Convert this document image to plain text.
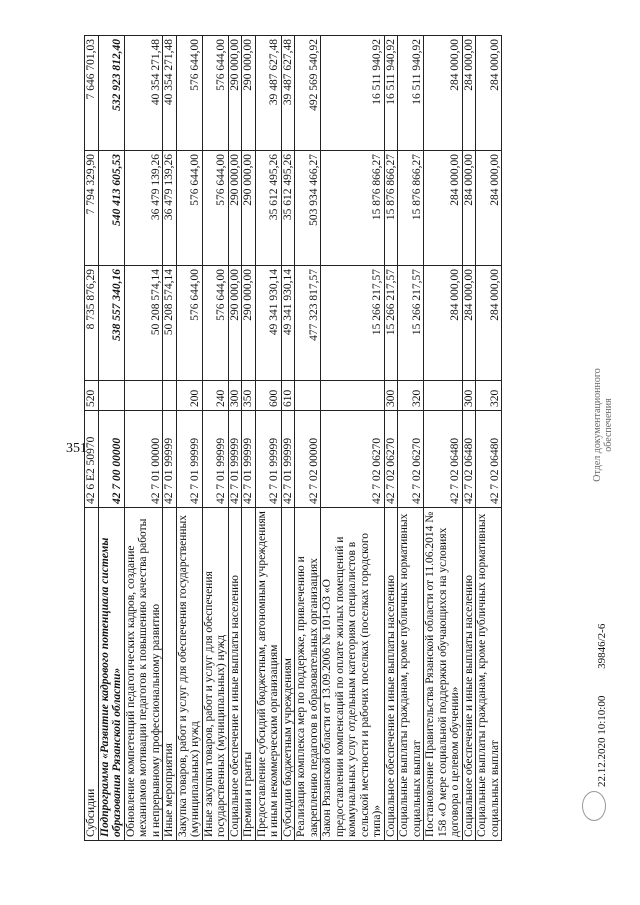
351
Субсидии	42 6 E2 50970	520	8 735 876,29	7 794 329,90	7 646 701,03
Подпрограмма «Развитие кадрового потенциала системы образования Рязанской области»	42 7 00 00000		538 557 340,16	540 413 605,53	532 923 812,40
Обновление компетенций педагогических кадров, создание механизмов мотивации педагогов к повышению качества работы и непрерывному профессиональному развитию	42 7 01 00000		50 208 574,14	36 479 139,26	40 354 271,48
Иные мероприятия	42 7 01 99999		50 208 574,14	36 479 139,26	40 354 271,48
Закупка товаров, работ и услуг для обеспечения государственных (муниципальных) нужд	42 7 01 99999	200	576 644,00	576 644,00	576 644,00
Иные закупки товаров, работ и услуг для обеспечения государственных (муниципальных) нужд	42 7 01 99999	240	576 644,00	576 644,00	576 644,00
Социальное обеспечение и иные выплаты населению	42 7 01 99999	300	290 000,00	290 000,00	290 000,00
Премии и гранты	42 7 01 99999	350	290 000,00	290 000,00	290 000,00
Предоставление субсидий бюджетным, автономным учреждениям и иным некоммерческим организациям	42 7 01 99999	600	49 341 930,14	35 612 495,26	39 487 627,48
Субсидии бюджетным учреждениям	42 7 01 99999	610	49 341 930,14	35 612 495,26	39 487 627,48
Реализация комплекса мер по поддержке, привлечению и закреплению педагогов в образовательных организациях	42 7 02 00000		477 323 817,57	503 934 466,27	492 569 540,92
Закон Рязанской области от 13.09.2006 № 101-ОЗ «О предоставлении компенсаций по оплате жилых помещений и коммунальных услуг отдельным категориям специалистов в сельской местности и рабочих поселках (поселках городского типа)»	42 7 02 06270		15 266 217,57	15 876 866,27	16 511 940,92
Социальное обеспечение и иные выплаты населению	42 7 02 06270	300	15 266 217,57	15 876 866,27	16 511 940,92
Социальные выплаты гражданам, кроме публичных нормативных социальных выплат	42 7 02 06270	320	15 266 217,57	15 876 866,27	16 511 940,92
Постановление Правительства Рязанской области от 11.06.2014 № 158 «О мере социальной поддержки обучающихся на условиях договора о целевом обучении»	42 7 02 06480		284 000,00	284 000,00	284 000,00
Социальное обеспечение и иные выплаты населению	42 7 02 06480	300	284 000,00	284 000,00	284 000,00
Социальные выплаты гражданам, кроме публичных нормативных социальных выплат	42 7 02 06480	320	284 000,00	284 000,00	284 000,00
22.12.2020 10:10:00 39846/2-6
Отдел документационного обеспечения
